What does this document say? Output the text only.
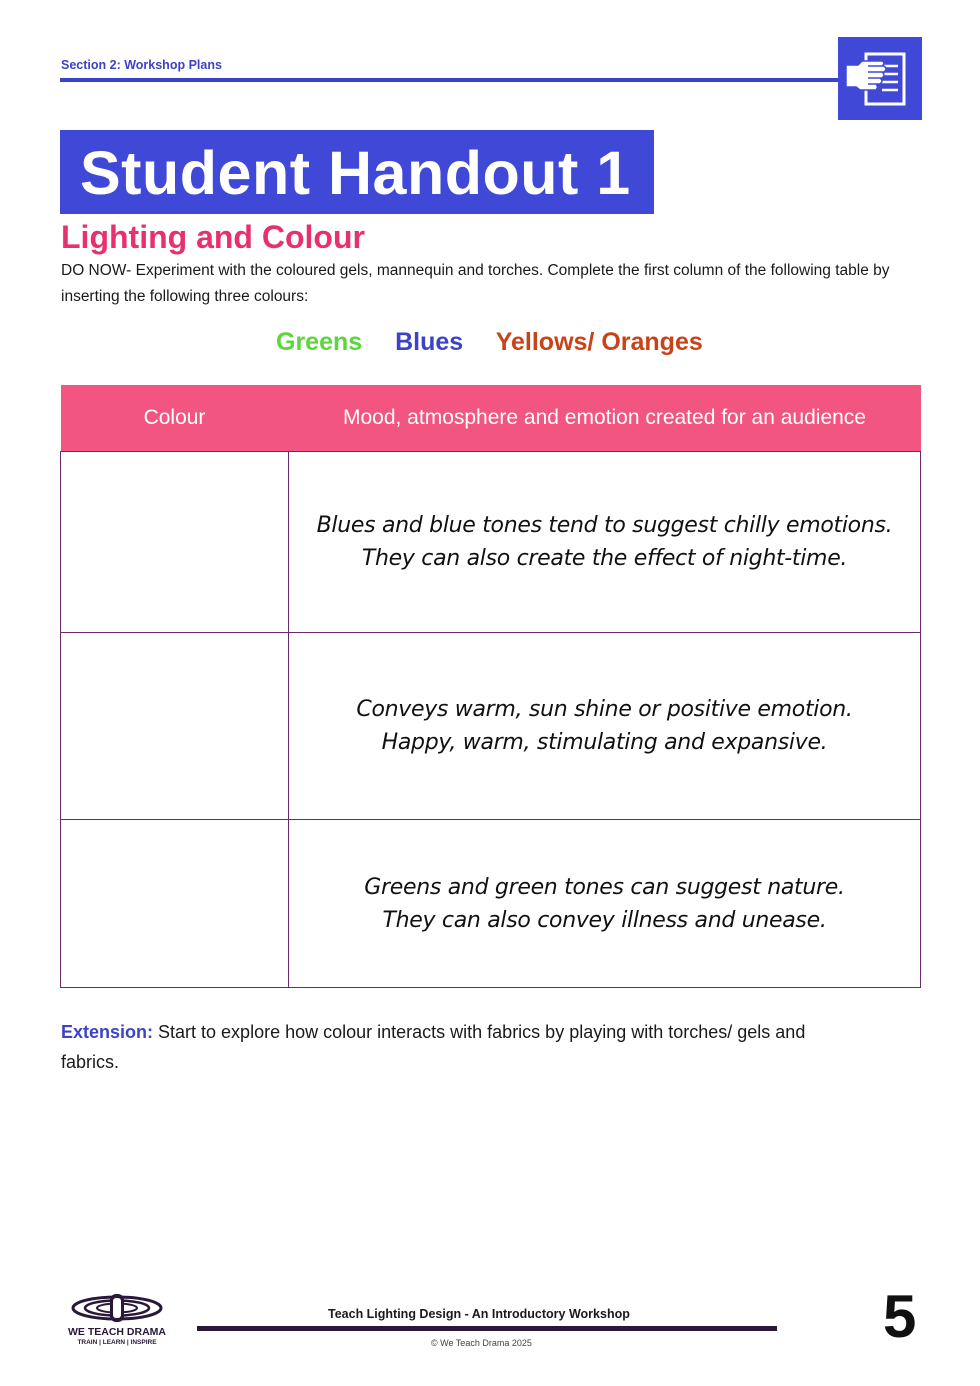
Section 2: Workshop Plans
Student Handout 1
Lighting and Colour
DO NOW- Experiment with the coloured gels, mannequin and torches. Complete the first column of the following table by inserting the following three colours:
Greens Blues Yellows/ Oranges
Colour	Mood, atmosphere and emotion created for an audience

	Blues and blue tones tend to suggest chilly emotions.
They can also create the effect of night-time.

	Conveys warm, sun shine or positive emotion.
Happy, warm, stimulating and expansive.

	Greens and green tones can suggest nature.
They can also convey illness and unease.
Extension: Start to explore how colour interacts with fabrics by playing with torches/ gels and fabrics.
WE TEACH DRAMA
TRAIN | LEARN | INSPIRE
Teach Lighting Design - An Introductory Workshop
© We Teach Drama 2025	5
